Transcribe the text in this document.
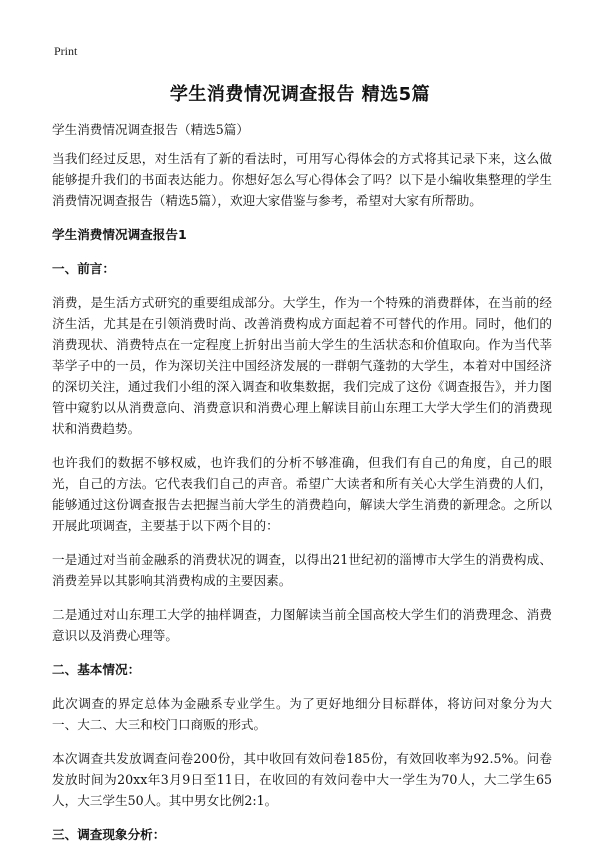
Print
学生消费情况调查报告 精选5篇

学生消费情况调查报告（精选5篇）

当我们经过反思，对生活有了新的看法时，可用写心得体会的方式将其记录下来，这么做能够提升我们的书面表达能力。你想好怎么写心得体会了吗？以下是小编收集整理的学生消费情况调查报告（精选5篇），欢迎大家借鉴与参考，希望对大家有所帮助。

学生消费情况调查报告1

一、前言：

消费，是生活方式研究的重要组成部分。大学生，作为一个特殊的消费群体，在当前的经济生活，尤其是在引领消费时尚、改善消费构成方面起着不可替代的作用。同时，他们的消费现状、消费特点在一定程度上折射出当前大学生的生活状态和价值取向。作为当代莘莘学子中的一员，作为深切关注中国经济发展的一群朝气蓬勃的大学生，本着对中国经济的深切关注，通过我们小组的深入调查和收集数据，我们完成了这份《调查报告》，并力图管中窥豹以从消费意向、消费意识和消费心理上解读目前山东理工大学大学生们的消费现状和消费趋势。

也许我们的数据不够权威，也许我们的分析不够准确，但我们有自己的角度，自己的眼光，自己的方法。它代表我们自己的声音。希望广大读者和所有关心大学生消费的人们，能够通过这份调查报告去把握当前大学生的消费趋向，解读大学生消费的新理念。之所以开展此项调查，主要基于以下两个目的：

一是通过对当前金融系的消费状况的调查，以得出21世纪初的淄博市大学生的消费构成、消费差异以其影响其消费构成的主要因素。

二是通过对山东理工大学的抽样调查，力图解读当前全国高校大学生们的消费理念、消费意识以及消费心理等。

二、基本情况：

此次调查的界定总体为金融系专业学生。为了更好地细分目标群体，将访问对象分为大一、大二、大三和校门口商贩的形式。

本次调查共发放调查问卷200份，其中收回有效问卷185份，有效回收率为92.5%。问卷发放时间为20xx年3月9日至11日，在收回的有效问卷中大一学生为70人，大二学生65人，大三学生50人。其中男女比例2:1。

三、调查现象分析：
